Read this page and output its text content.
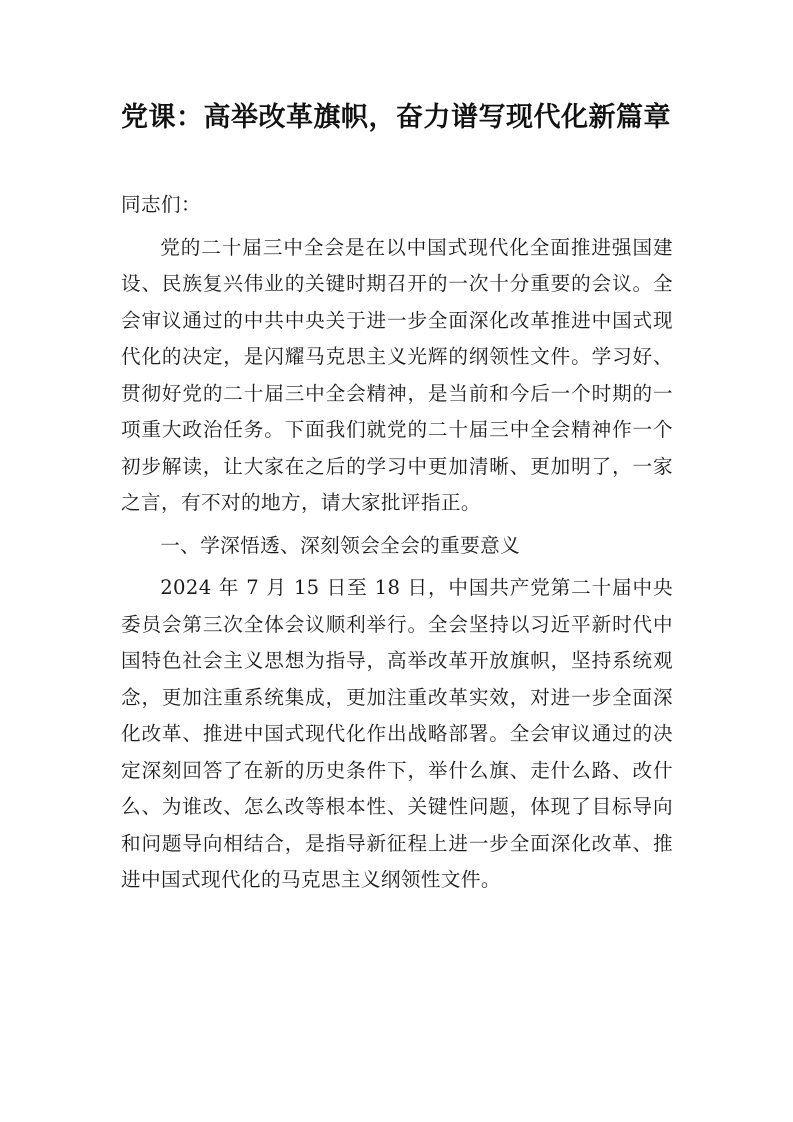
党课：高举改革旗帜，奋力谱写现代化新篇章

同志们：

党的二十届三中全会是在以中国式现代化全面推进强国建设、民族复兴伟业的关键时期召开的一次十分重要的会议。全会审议通过的中共中央关于进一步全面深化改革推进中国式现代化的决定，是闪耀马克思主义光辉的纲领性文件。学习好、贯彻好党的二十届三中全会精神，是当前和今后一个时期的一项重大政治任务。下面我们就党的二十届三中全会精神作一个初步解读，让大家在之后的学习中更加清晰、更加明了，一家之言，有不对的地方，请大家批评指正。

一、学深悟透、深刻领会全会的重要意义

2024 年 7 月 15 日至 18 日，中国共产党第二十届中央委员会第三次全体会议顺利举行。全会坚持以习近平新时代中国特色社会主义思想为指导，高举改革开放旗帜，坚持系统观念，更加注重系统集成，更加注重改革实效，对进一步全面深化改革、推进中国式现代化作出战略部署。全会审议通过的决定深刻回答了在新的历史条件下，举什么旗、走什么路、改什么、为谁改、怎么改等根本性、关键性问题，体现了目标导向和问题导向相结合，是指导新征程上进一步全面深化改革、推进中国式现代化的马克思主义纲领性文件。
